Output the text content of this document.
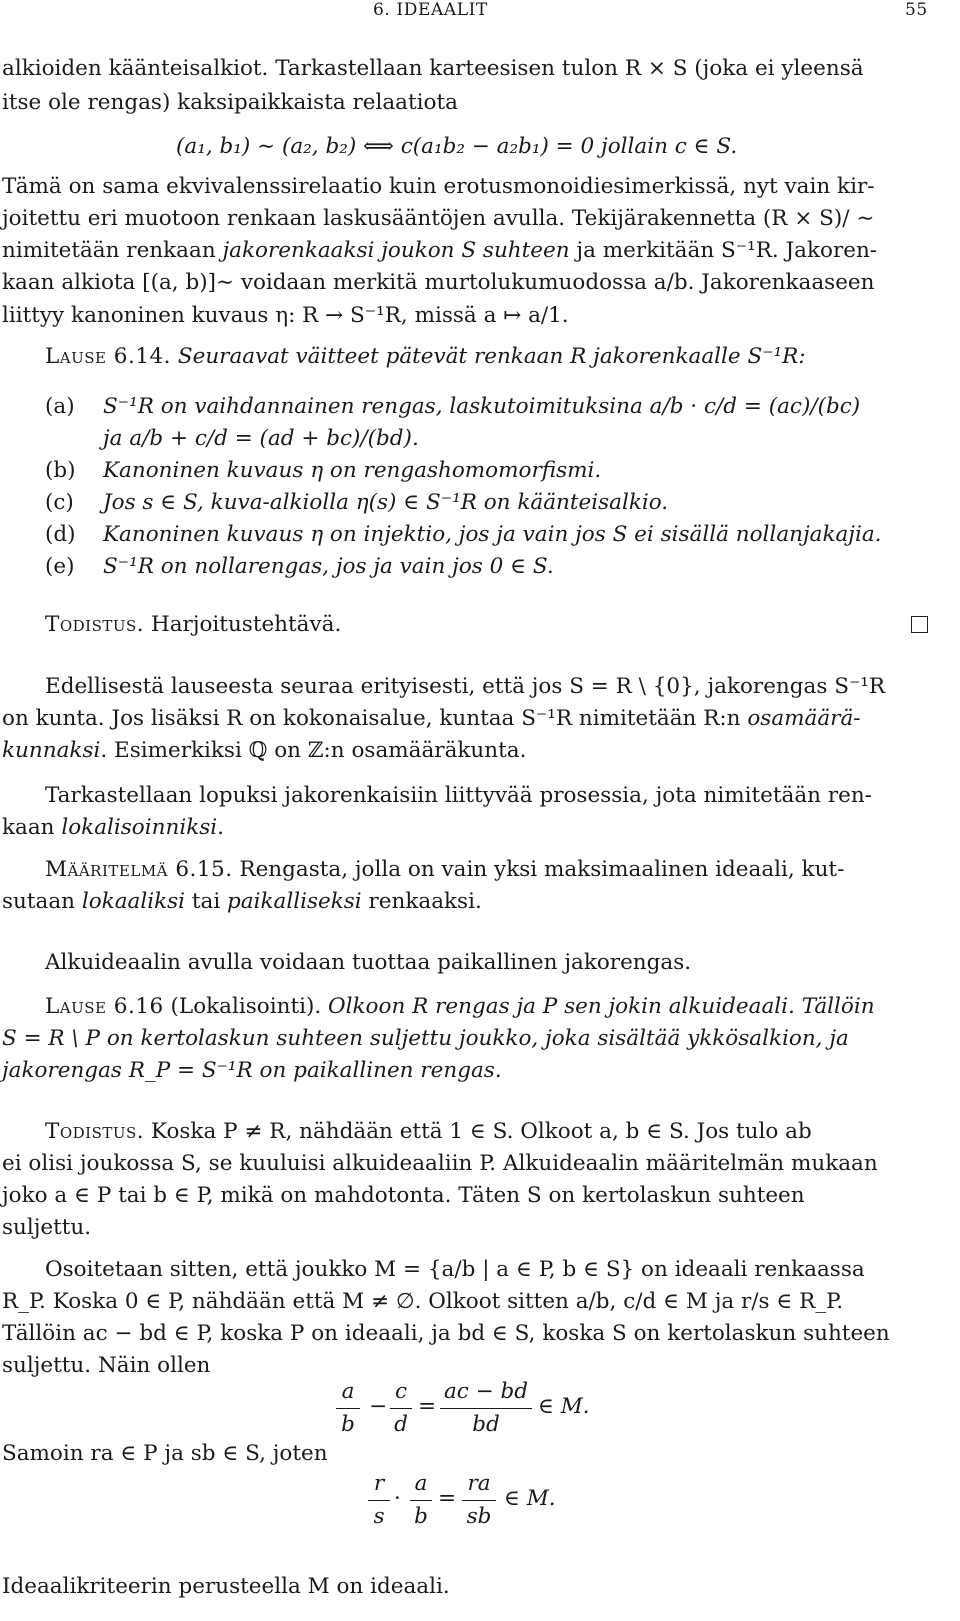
6. IDEAALIT	55
alkioiden käänteisalkiot. Tarkastellaan karteesisen tulon R × S (joka ei yleensä
itse ole rengas) kaksipaikkaista relaatiota
(a₁, b₁) ∼ (a₂, b₂) ⟺ c(a₁b₂ − a₂b₁) = 0 jollain c ∈ S.
Tämä on sama ekvivalenssirelaatio kuin erotusmonoidiesimerkissä, nyt vain kir-
joitettu eri muotoon renkaan laskusääntöjen avulla. Tekijärakennetta (R × S)/ ∼
nimitetään renkaan jakorenkaaksi joukon S suhteen ja merkitään S⁻¹R. Jakoren-
kaan alkiota [(a, b)]∼ voidaan merkitä murtolukumuodossa a/b. Jakorenkaaseen
liittyy kanoninen kuvaus η: R → S⁻¹R, missä a ↦ a/1.
Lause 6.14. Seuraavat väitteet pätevät renkaan R jakorenkaalle S⁻¹R:
(a) S⁻¹R on vaihdannainen rengas, laskutoimituksina a/b · c/d = (ac)/(bc)
ja a/b + c/d = (ad + bc)/(bd).
(b) Kanoninen kuvaus η on rengashomomorfismi.
(c) Jos s ∈ S, kuva-alkiolla η(s) ∈ S⁻¹R on käänteisalkio.
(d) Kanoninen kuvaus η on injektio, jos ja vain jos S ei sisällä nollanjakajia.
(e) S⁻¹R on nollarengas, jos ja vain jos 0 ∈ S.
Todistus. Harjoitustehtävä.
Edellisestä lauseesta seuraa erityisesti, että jos S = R \ {0}, jakorengas S⁻¹R
on kunta. Jos lisäksi R on kokonaisalue, kuntaa S⁻¹R nimitetään R:n osamäärä-
kunnaksi. Esimerkiksi ℚ on ℤ:n osamääräkunta.
Tarkastellaan lopuksi jakorenkaisiin liittyvää prosessia, jota nimitetään ren-
kaan lokalisoinniksi.
Määritelmä 6.15. Rengasta, jolla on vain yksi maksimaalinen ideaali, kut-
sutaan lokaaliksi tai paikalliseksi renkaaksi.
Alkuideaalin avulla voidaan tuottaa paikallinen jakorengas.
Lause 6.16 (Lokalisointi). Olkoon R rengas ja P sen jokin alkuideaali. Tällöin
S = R \ P on kertolaskun suhteen suljettu joukko, joka sisältää ykkösalkion, ja
jakorengas R_P = S⁻¹R on paikallinen rengas.
Todistus. Koska P ≠ R, nähdään että 1 ∈ S. Olkoot a, b ∈ S. Jos tulo ab
ei olisi joukossa S, se kuuluisi alkuideaaliin P. Alkuideaalin määritelmän mukaan
joko a ∈ P tai b ∈ P, mikä on mahdotonta. Täten S on kertolaskun suhteen
suljettu.
Osoitetaan sitten, että joukko M = {a/b | a ∈ P, b ∈ S} on ideaali renkaassa
R_P. Koska 0 ∈ P, nähdään että M ≠ ∅. Olkoot sitten a/b, c/d ∈ M ja r/s ∈ R_P.
Tällöin ac − bd ∈ P, koska P on ideaali, ja bd ∈ S, koska S on kertolaskun suhteen
suljettu. Näin ollen
a
b
−
c
d
=
ac − bd
bd
∈ M.
Samoin ra ∈ P ja sb ∈ S, joten
r
s
·
a
b
=
ra
sb
∈ M.
Ideaalikriteerin perusteella M on ideaali.
